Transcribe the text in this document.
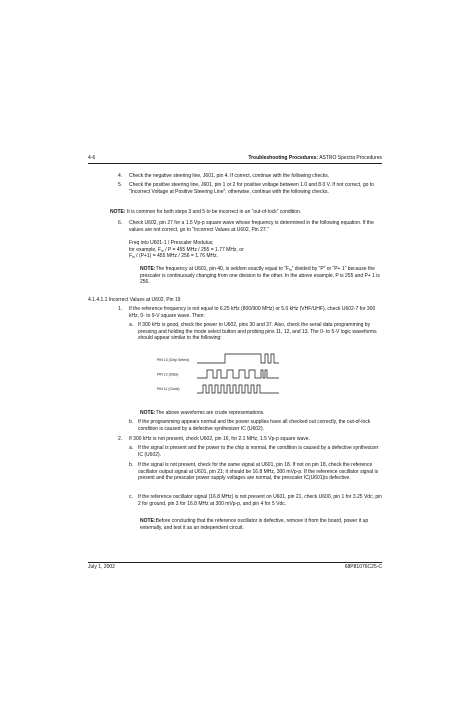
4-6	Troubleshooting Procedures: ASTRO Spectra Procedures
4. Check the negative steering line, J601, pin 4. If correct, continue with the following checks.
5. Check the positive steering line, J601, pin 1 or 2 for positive voltage between 1.0 and 8.0 V. If not correct, go to “Incorrect Voltage at Positive Steering Line”; otherwise, continue with the following checks.
NOTE: It is common for both steps 3 and 5 to be incorrect in an “out-of-lock” condition.
6. Check U602, pin 27 for a 1.5 Vp-p square wave whose frequency is determined in the following equation. If the values are not correct, go to “Incorrect Values at U602, Pin 27.”
Freq into U601-1 / Prescaler Modulus;
for example, $F_{in} / P = 455$ MHz / 255 = 1.77 MHz, or
$F_{in} / (P+1) = 455$ MHz / 256 = 1.76 MHz.
NOTE:The frequency at U601, pin 40, is seldom exactly equal to “$F_{in}$” divided by “P” or “P+ 1” because the prescaler is continuously changing from one division to the other. In the above example, P is 255 and P+ 1 is 256.
4.1.4.1.1 Incorrect Values at U602, Pin 19
1. If the reference frequency is not equal to 6.25 kHz (800/900 MHz) or 5.0 kHz (VHF/UHF), check U602-7 for 300 kHz, 0- to 9-V square wave. Then:
a. If 300 kHz is good, check the power to U602, pins 30 and 37. Also, check the serial data programming by pressing and holding the mode select button and probing pins 11, 12, and 13. The 0- to 5-V logic waveforms should appear similar to the following:
PIN 13 (Chip Select)
PIN 12 (Data)
PIN 11 (Clock)
NOTE:The above waveforms are crude representations.
b. If the programming appears normal and the power supplies have all checked out correctly, the out-of-lock condition is caused by a defective synthesizer IC (U602).
2. If 300 kHz is not present, check U602, pin 16, for 2.1 MHz, 1.5 Vp-p square wave.
a. If the signal is present and the power to the chip is normal, the condition is caused by a defective synthesizer IC (U602).
b. If the signal is not present, check for the same signal at U601, pin 18. If not on pin 18, check the reference oscillator output signal at U601, pin 21; it should be 16.8 MHz, 300 mVp-p. If the reference oscillator signal is present and the prescaler power supply voltages are normal, the prescaler IC(U601)is defective.
c. If the reference oscillator signal (16.8 MHz) is not present on U601, pin 21, check U600, pin 1 for 3.25 Vdc, pin 2 for ground, pin 3 for 16.8 MHz at 300 mVp-p, and pin 4 for 5 Vdc.
NOTE:Before concluding that the reference oscillator is defective, remove it from the board, power it up externally, and test it as an independent circuit.
July 1, 2002	68P81076C25-C
